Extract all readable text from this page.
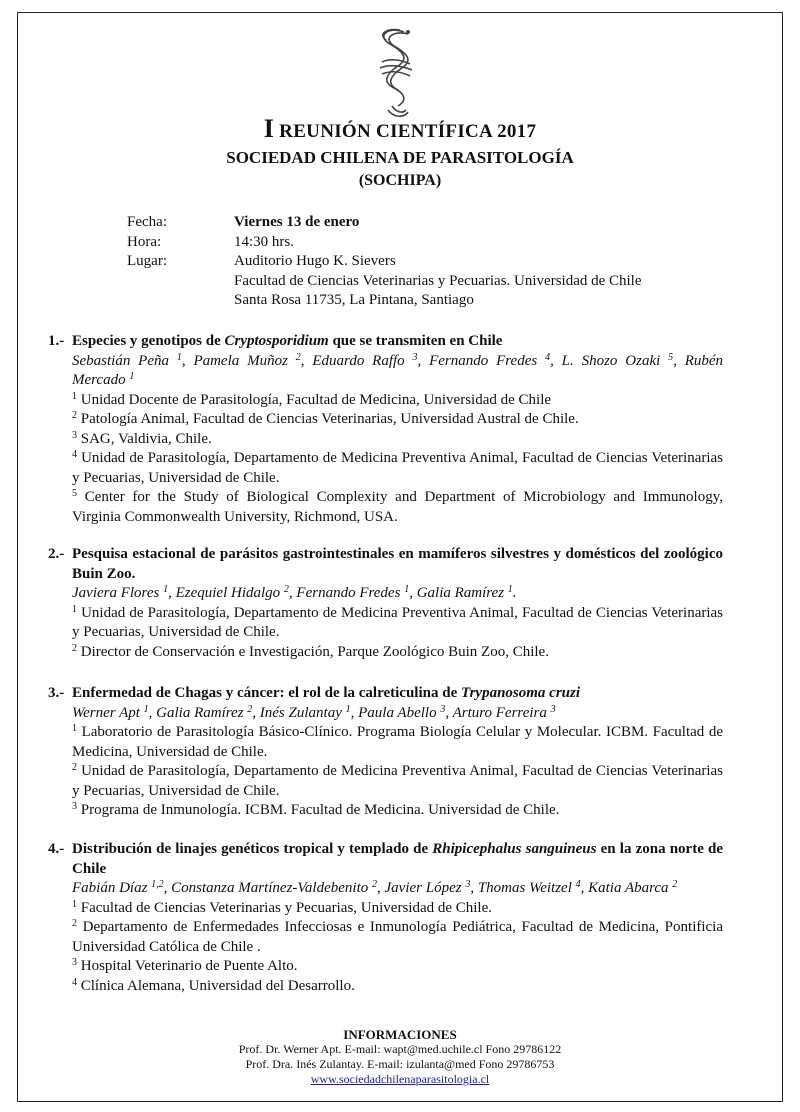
I REUNIÓN CIENTÍFICA 2017
SOCIEDAD CHILENA DE PARASITOLOGÍA
(SOCHIPA)
Fecha:	Viernes 13 de enero
Hora:	14:30 hrs.
Lugar:	Auditorio Hugo K. Sievers
Facultad de Ciencias Veterinarias y Pecuarias. Universidad de Chile
Santa Rosa 11735, La Pintana, Santiago
1.- Especies y genotipos de Cryptosporidium que se transmiten en Chile
Sebastián Peña $^1$, Pamela Muñoz $^2$, Eduardo Raffo $^3$, Fernando Fredes $^4$, L. Shozo Ozaki $^5$, Rubén Mercado $^1$
$^1$ Unidad Docente de Parasitología, Facultad de Medicina, Universidad de Chile
$^2$ Patología Animal, Facultad de Ciencias Veterinarias, Universidad Austral de Chile.
$^3$ SAG, Valdivia, Chile.
$^4$ Unidad de Parasitología, Departamento de Medicina Preventiva Animal, Facultad de Ciencias Veterinarias y Pecuarias, Universidad de Chile.
$^5$ Center for the Study of Biological Complexity and Department of Microbiology and Immunology, Virginia Commonwealth University, Richmond, USA.
2.- Pesquisa estacional de parásitos gastrointestinales en mamíferos silvestres y domésticos del zoológico Buin Zoo.
Javiera Flores $^1$, Ezequiel Hidalgo $^2$, Fernando Fredes $^1$, Galia Ramírez $^1$.
$^1$ Unidad de Parasitología, Departamento de Medicina Preventiva Animal, Facultad de Ciencias Veterinarias y Pecuarias, Universidad de Chile.
$^2$ Director de Conservación e Investigación, Parque Zoológico Buin Zoo, Chile.
3.- Enfermedad de Chagas y cáncer: el rol de la calreticulina de Trypanosoma cruzi
Werner Apt $^1$, Galia Ramírez $^2$, Inés Zulantay $^1$, Paula Abello $^3$, Arturo Ferreira $^3$
$^1$ Laboratorio de Parasitología Básico-Clínico. Programa Biología Celular y Molecular. ICBM. Facultad de Medicina, Universidad de Chile.
$^2$ Unidad de Parasitología, Departamento de Medicina Preventiva Animal, Facultad de Ciencias Veterinarias y Pecuarias, Universidad de Chile.
$^3$ Programa de Inmunología. ICBM. Facultad de Medicina. Universidad de Chile.
4.- Distribución de linajes genéticos tropical y templado de Rhipicephalus sanguineus en la zona norte de Chile
Fabián Díaz $^{1,2}$, Constanza Martínez-Valdebenito $^2$, Javier López $^3$, Thomas Weitzel $^4$, Katia Abarca $^2$
$^1$ Facultad de Ciencias Veterinarias y Pecuarias, Universidad de Chile.
$^2$ Departamento de Enfermedades Infecciosas e Inmunología Pediátrica, Facultad de Medicina, Pontificia Universidad Católica de Chile .
$^3$ Hospital Veterinario de Puente Alto.
$^4$ Clínica Alemana, Universidad del Desarrollo.
INFORMACIONES
Prof. Dr. Werner Apt. E-mail: wapt@med.uchile.cl Fono 29786122
Prof. Dra. Inés Zulantay. E-mail: izulanta@med Fono 29786753
www.sociedadchilenaparasitologia.cl
